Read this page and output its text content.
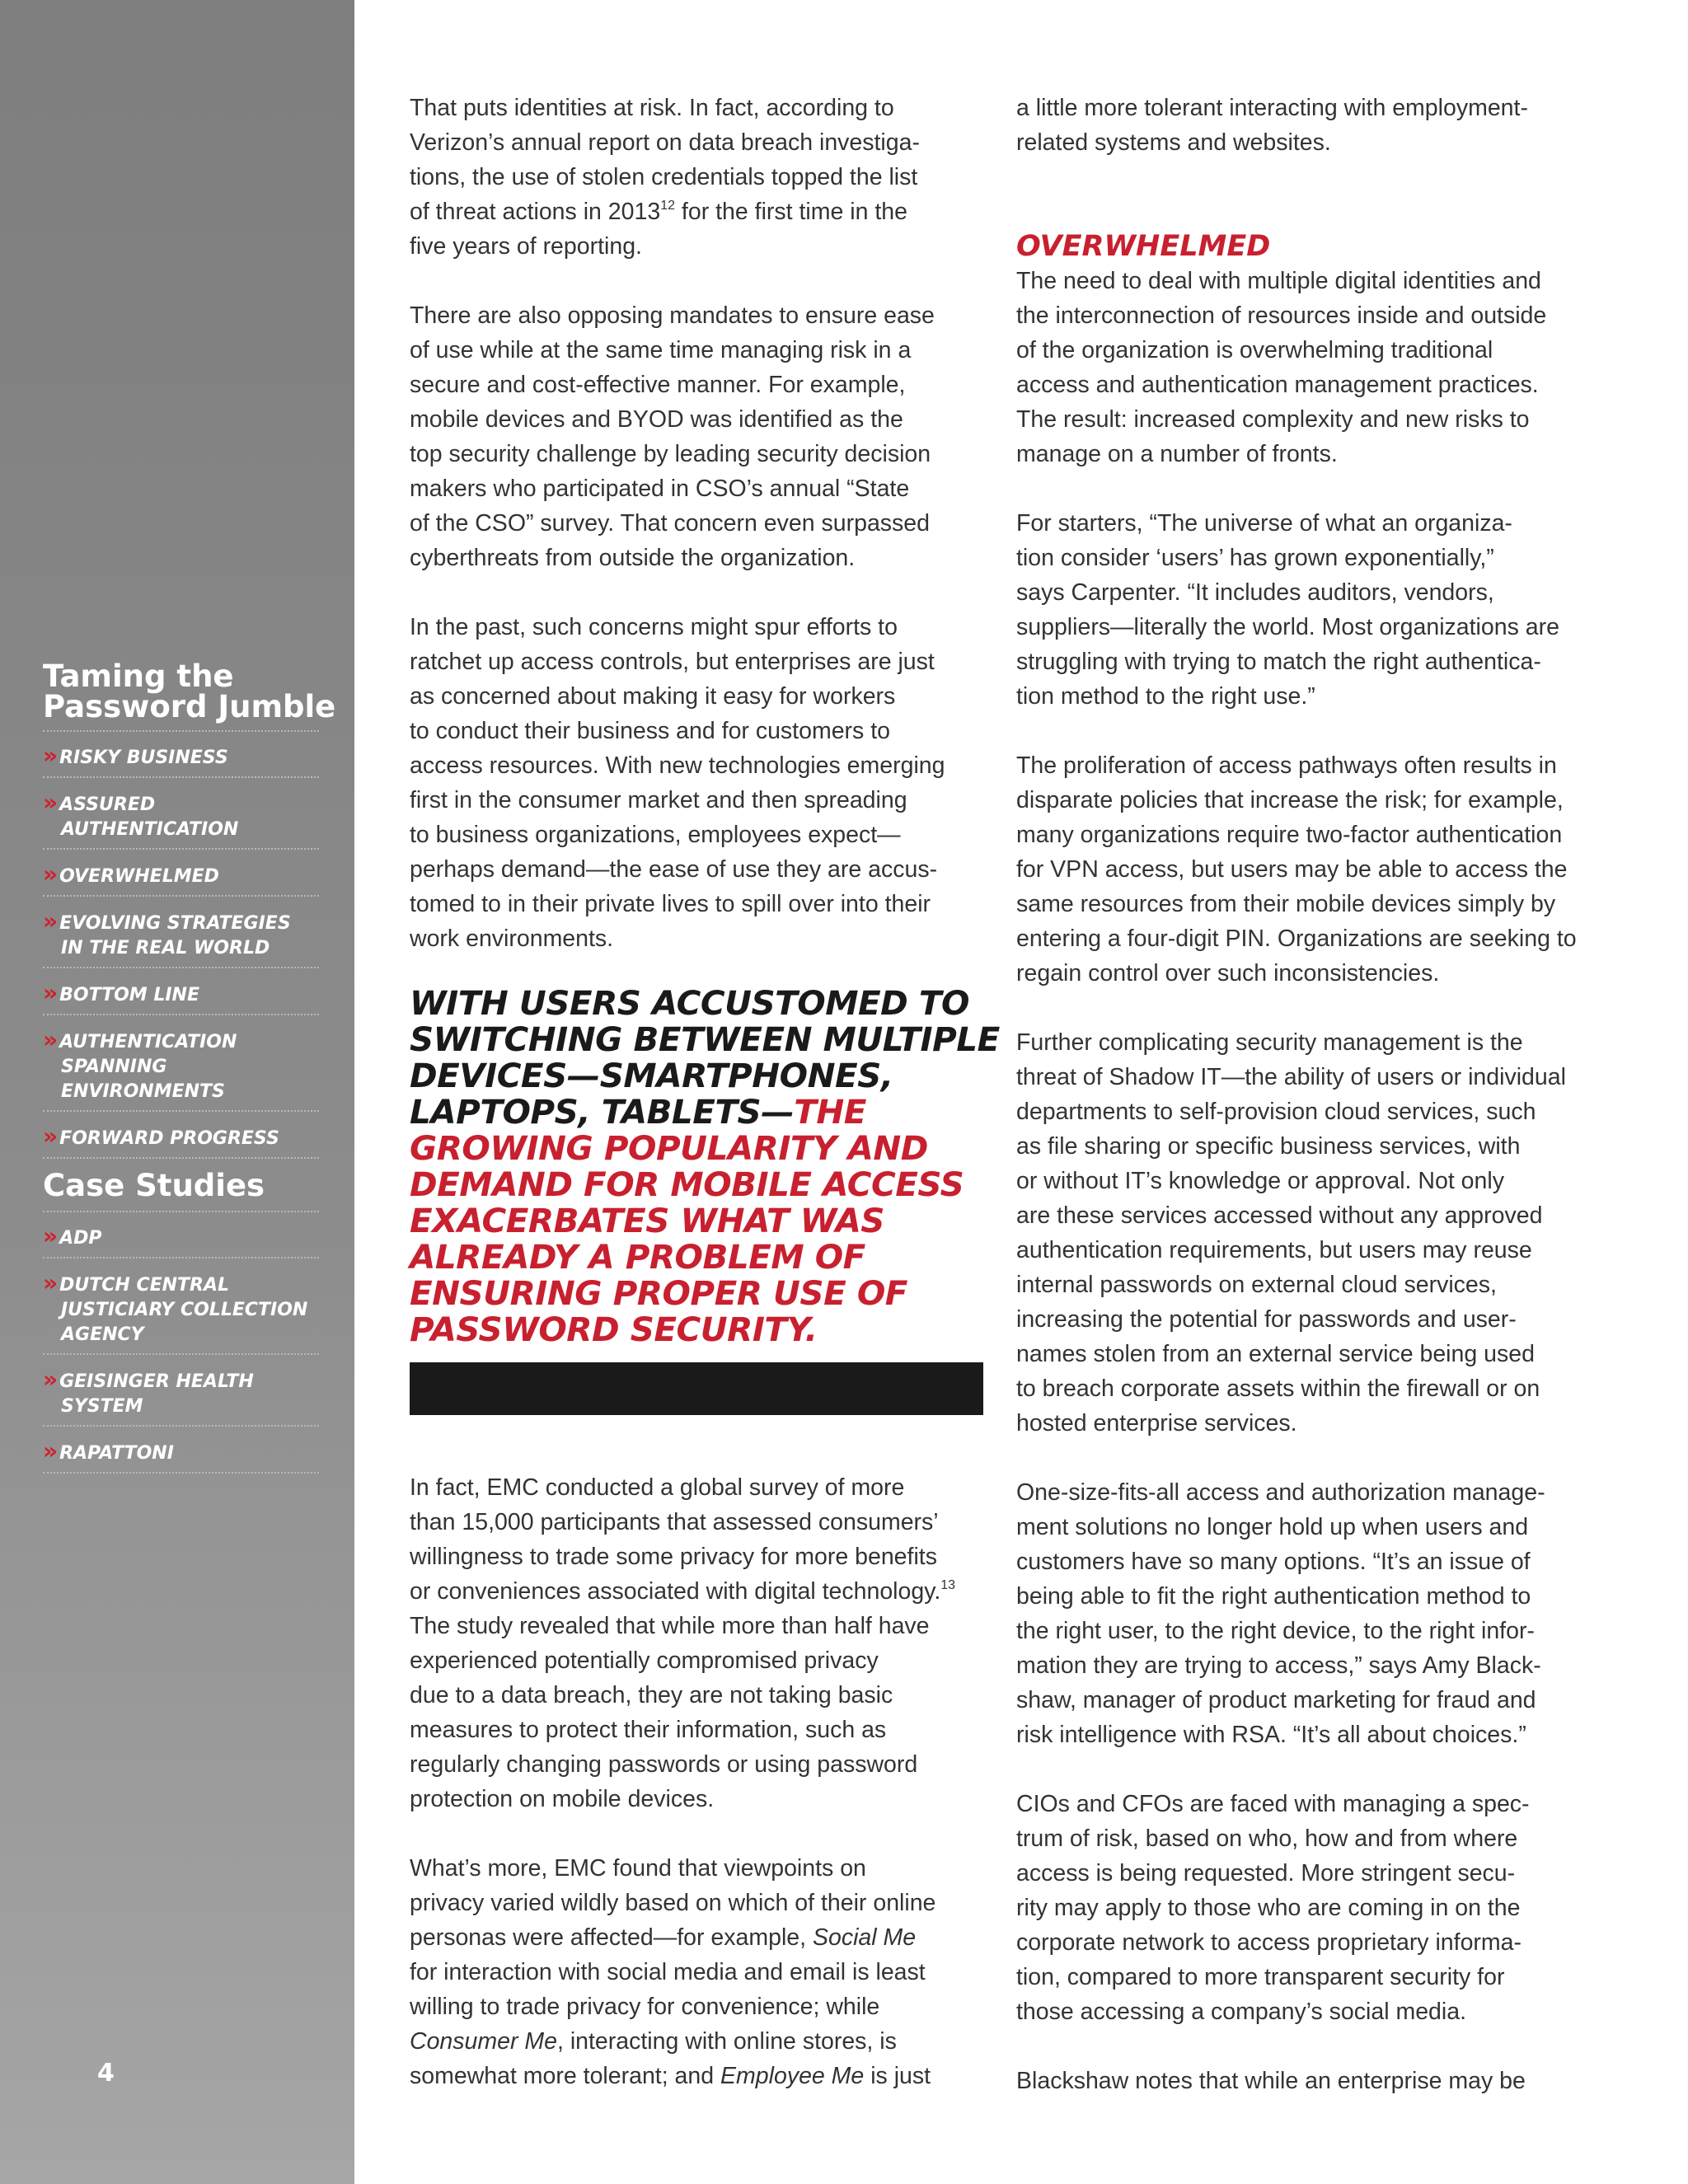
Taming the
Password Jumble
»RISKY BUSINESS
»ASSURED
AUTHENTICATION
»OVERWHELMED
»EVOLVING STRATEGIES
IN THE REAL WORLD
»BOTTOM LINE
»AUTHENTICATION
SPANNING
ENVIRONMENTS
»FORWARD PROGRESS
Case Studies
»ADP
»DUTCH CENTRAL
JUSTICIARY COLLECTION
AGENCY
»GEISINGER HEALTH
SYSTEM
»RAPATTONI
4

That puts identities at risk. In fact, according to
Verizon’s annual report on data breach investiga-
tions, the use of stolen credentials topped the list
of threat actions in 2013$^{12}$ for the first time in the
five years of reporting.

There are also opposing mandates to ensure ease
of use while at the same time managing risk in a
secure and cost-effective manner. For example,
mobile devices and BYOD was identified as the
top security challenge by leading security decision
makers who participated in CSO’s annual “State
of the CSO” survey. That concern even surpassed
cyberthreats from outside the organization.

In the past, such concerns might spur efforts to
ratchet up access controls, but enterprises are just
as concerned about making it easy for workers
to conduct their business and for customers to
access resources. With new technologies emerging
first in the consumer market and then spreading
to business organizations, employees expect—
perhaps demand—the ease of use they are accus-
tomed to in their private lives to spill over into their
work environments.

WITH USERS ACCUSTOMED TO
SWITCHING BETWEEN MULTIPLE
DEVICES—SMARTPHONES,
LAPTOPS, TABLETS—THE
GROWING POPULARITY AND
DEMAND FOR MOBILE ACCESS
EXACERBATES WHAT WAS
ALREADY A PROBLEM OF
ENSURING PROPER USE OF
PASSWORD SECURITY.

In fact, EMC conducted a global survey of more
than 15,000 participants that assessed consumers’
willingness to trade some privacy for more benefits
or conveniences associated with digital technology.$^{13}$
The study revealed that while more than half have
experienced potentially compromised privacy
due to a data breach, they are not taking basic
measures to protect their information, such as
regularly changing passwords or using password
protection on mobile devices.

What’s more, EMC found that viewpoints on
privacy varied wildly based on which of their online
personas were affected—for example, Social Me
for interaction with social media and email is least
willing to trade privacy for convenience; while
Consumer Me, interacting with online stores, is
somewhat more tolerant; and Employee Me is just

a little more tolerant interacting with employment-
related systems and websites.

OVERWHELMED

The need to deal with multiple digital identities and
the interconnection of resources inside and outside
of the organization is overwhelming traditional
access and authentication management practices.
The result: increased complexity and new risks to
manage on a number of fronts.

For starters, “The universe of what an organiza-
tion consider ‘users’ has grown exponentially,”
says Carpenter. “It includes auditors, vendors,
suppliers—literally the world. Most organizations are
struggling with trying to match the right authentica-
tion method to the right use.”

The proliferation of access pathways often results in
disparate policies that increase the risk; for example,
many organizations require two-factor authentication
for VPN access, but users may be able to access the
same resources from their mobile devices simply by
entering a four-digit PIN. Organizations are seeking to
regain control over such inconsistencies.

Further complicating security management is the
threat of Shadow IT—the ability of users or individual
departments to self-provision cloud services, such
as file sharing or specific business services, with
or without IT’s knowledge or approval. Not only
are these services accessed without any approved
authentication requirements, but users may reuse
internal passwords on external cloud services,
increasing the potential for passwords and user-
names stolen from an external service being used
to breach corporate assets within the firewall or on
hosted enterprise services.

One-size-fits-all access and authorization manage-
ment solutions no longer hold up when users and
customers have so many options. “It’s an issue of
being able to fit the right authentication method to
the right user, to the right device, to the right infor-
mation they are trying to access,” says Amy Black-
shaw, manager of product marketing for fraud and
risk intelligence with RSA. “It’s all about choices.”

CIOs and CFOs are faced with managing a spec-
trum of risk, based on who, how and from where
access is being requested. More stringent secu-
rity may apply to those who are coming in on the
corporate network to access proprietary informa-
tion, compared to more transparent security for
those accessing a company’s social media.

Blackshaw notes that while an enterprise may be
